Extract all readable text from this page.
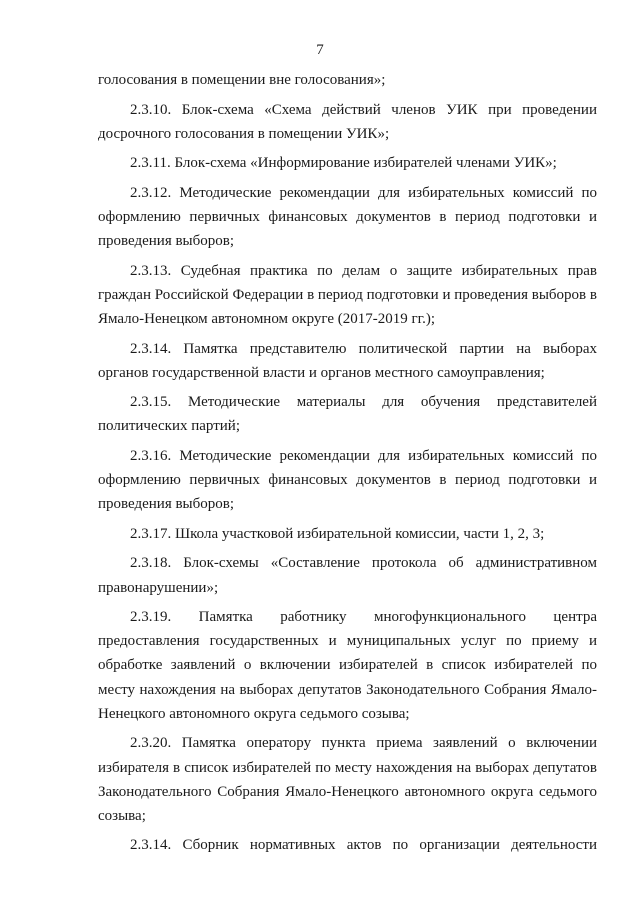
7

голосования в помещении вне голосования»;

2.3.10. Блок-схема «Схема действий членов УИК при проведении досрочного голосования в помещении УИК»;

2.3.11. Блок-схема «Информирование избирателей членами УИК»;

2.3.12. Методические рекомендации для избирательных комиссий по оформлению первичных финансовых документов в период подготовки и проведения выборов;

2.3.13. Судебная практика по делам о защите избирательных прав граждан Российской Федерации в период подготовки и проведения выборов в Ямало-Ненецком автономном округе (2017-2019 гг.);

2.3.14. Памятка представителю политической партии на выборах органов государственной власти и органов местного самоуправления;

2.3.15. Методические материалы для обучения представителей политических партий;

2.3.16. Методические рекомендации для избирательных комиссий по оформлению первичных финансовых документов в период подготовки и проведения выборов;

2.3.17. Школа участковой избирательной комиссии, части 1, 2, 3;

2.3.18. Блок-схемы «Составление протокола об административном правонарушении»;

2.3.19. Памятка работнику многофункционального центра предоставления государственных и муниципальных услуг по приему и обработке заявлений о включении избирателей в список избирателей по месту нахождения на выборах депутатов Законодательного Собрания Ямало-Ненецкого автономного округа седьмого созыва;

2.3.20. Памятка оператору пункта приема заявлений о включении избирателя в список избирателей по месту нахождения на выборах депутатов Законодательного Собрания Ямало-Ненецкого автономного округа седьмого созыва;

2.3.14. Сборник нормативных актов по организации деятельности
